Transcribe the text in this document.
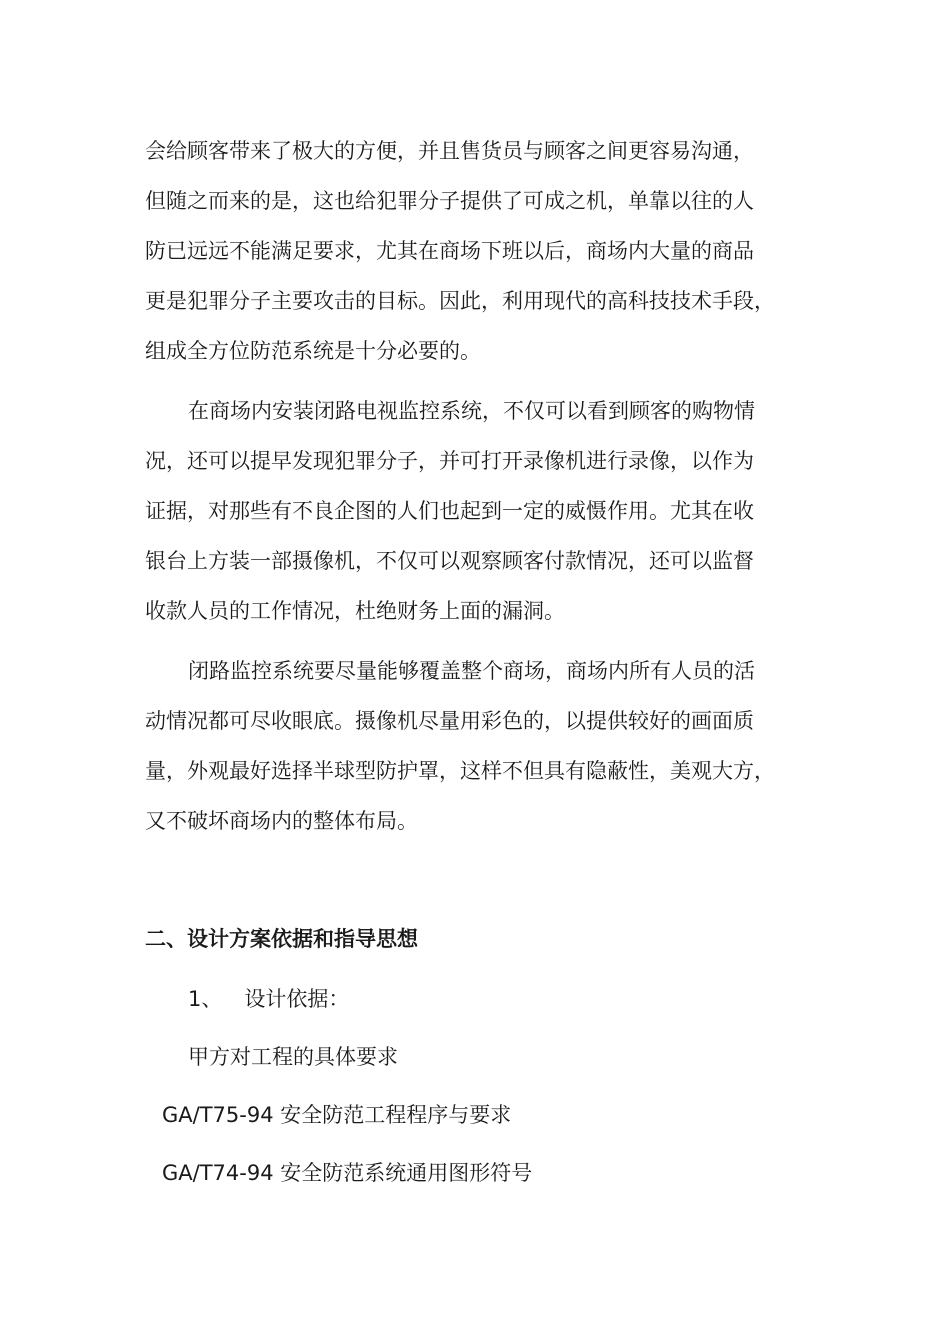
会给顾客带来了极大的方便，并且售货员与顾客之间更容易沟通，
但随之而来的是，这也给犯罪分子提供了可成之机，单靠以往的人
防已远远不能满足要求，尤其在商场下班以后，商场内大量的商品
更是犯罪分子主要攻击的目标。因此，利用现代的高科技技术手段，
组成全方位防范系统是十分必要的。
在商场内安装闭路电视监控系统，不仅可以看到顾客的购物情
况，还可以提早发现犯罪分子，并可打开录像机进行录像，以作为
证据，对那些有不良企图的人们也起到一定的威慑作用。尤其在收
银台上方装一部摄像机，不仅可以观察顾客付款情况，还可以监督
收款人员的工作情况，杜绝财务上面的漏洞。
闭路监控系统要尽量能够覆盖整个商场，商场内所有人员的活
动情况都可尽收眼底。摄像机尽量用彩色的，以提供较好的画面质
量，外观最好选择半球型防护罩，这样不但具有隐蔽性，美观大方，
又不破坏商场内的整体布局。
二、设计方案依据和指导思想
1、 设计依据：
甲方对工程的具体要求
GA/T75-94 安全防范工程程序与要求
GA/T74-94 安全防范系统通用图形符号
